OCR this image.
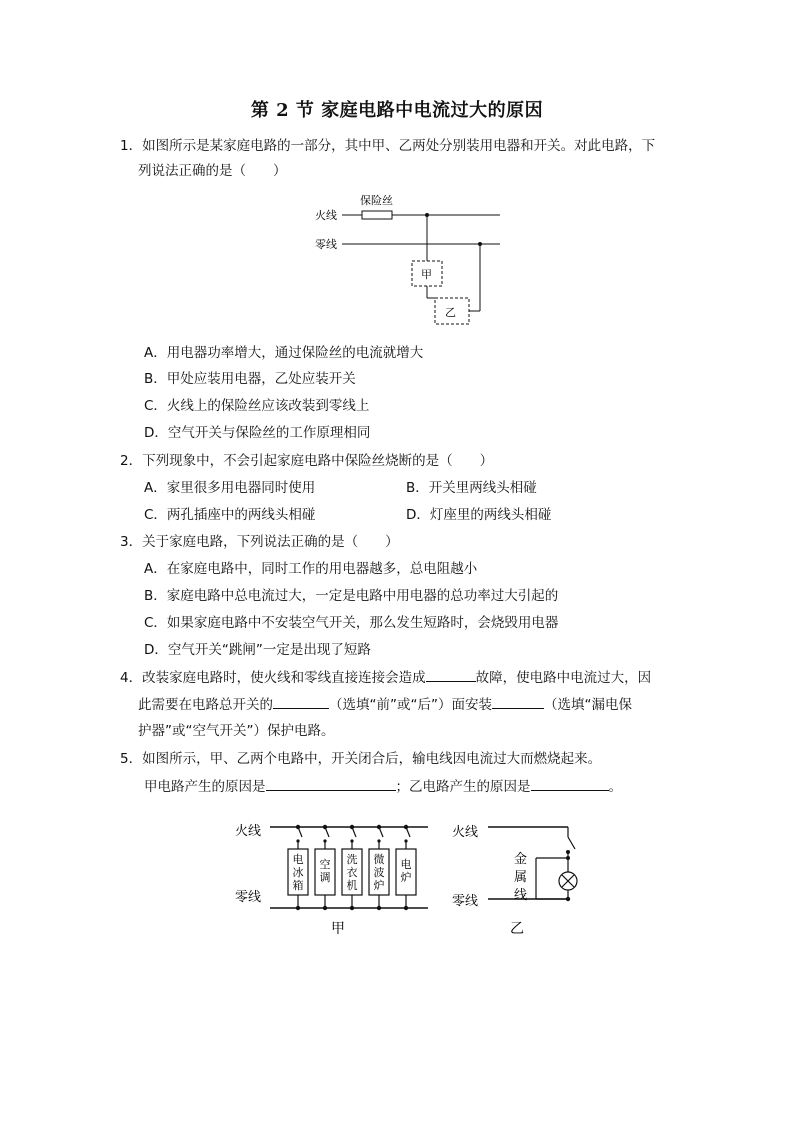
第 2 节 家庭电路中电流过大的原因
1．如图所示是某家庭电路的一部分，其中甲、乙两处分别装用电器和开关。对此电路，下
列说法正确的是（　　）
保险丝
火线
零线
甲
乙
A．用电器功率增大，通过保险丝的电流就增大
B．甲处应装用电器，乙处应装开关
C．火线上的保险丝应该改装到零线上
D．空气开关与保险丝的工作原理相同
2．下列现象中，不会引起家庭电路中保险丝烧断的是（　　）
A．家里很多用电器同时使用	B．开关里两线头相碰
C．两孔插座中的两线头相碰	D．灯座里的两线头相碰
3．关于家庭电路，下列说法正确的是（　　）
A．在家庭电路中，同时工作的用电器越多，总电阻越小
B．家庭电路中总电流过大，一定是电路中用电器的总功率过大引起的
C．如果家庭电路中不安装空气开关，那么发生短路时，会烧毁用电器
D．空气开关“跳闸”一定是出现了短路
4．改装家庭电路时，使火线和零线直接连接会造成	故障，使电路中电流过大，因
此需要在电路总开关的	（选填“前”或“后”）面安装	（选填“漏电保
护器”或“空气开关”）保护电路。
5．如图所示，甲、乙两个电路中，开关闭合后，输电线因电流过大而燃烧起来。
甲电路产生的原因是	；乙电路产生的原因是	。
火线
零线
电
冰
箱
空
调
洗
衣
机
微
波
炉
电
炉
甲
火线
零线
金
属
线
乙
